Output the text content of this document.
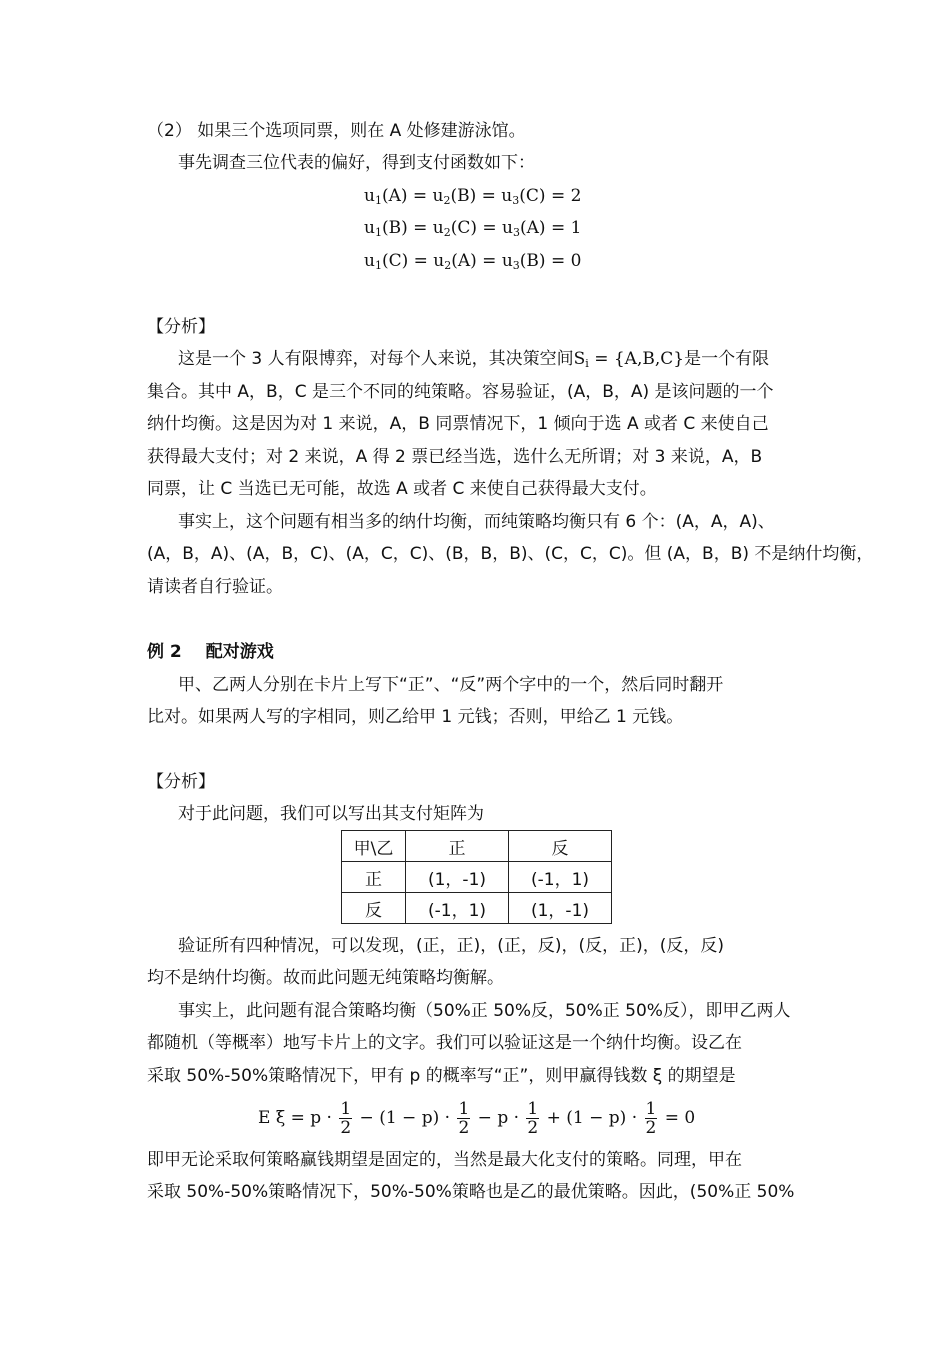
（2） 如果三个选项同票，则在 A 处修建游泳馆。
事先调查三位代表的偏好，得到支付函数如下：
$u_1(A) = u_2(B) = u_3(C) = 2$
$u_1(B) = u_2(C) = u_3(A) = 1$
$u_1(C) = u_2(A) = u_3(B) = 0$
【分析】
这是一个 3 人有限博弈，对每个人来说，其决策空间$S_i = \{A,B,C\}$是一个有限
集合。其中 A，B，C 是三个不同的纯策略。容易验证，(A，B，A) 是该问题的一个
纳什均衡。这是因为对 1 来说，A，B 同票情况下，1 倾向于选 A 或者 C 来使自己
获得最大支付；对 2 来说，A 得 2 票已经当选，选什么无所谓；对 3 来说，A，B
同票，让 C 当选已无可能，故选 A 或者 C 来使自己获得最大支付。
事实上，这个问题有相当多的纳什均衡，而纯策略均衡只有 6 个：(A，A，A)、
(A，B，A)、(A，B，C)、(A，C，C)、(B，B，B)、(C，C，C)。但 (A，B，B) 不是纳什均衡，
请读者自行验证。
例 2 配对游戏
甲、乙两人分别在卡片上写下“正”、“反”两个字中的一个，然后同时翻开
比对。如果两人写的字相同，则乙给甲 1 元钱；否则，甲给乙 1 元钱。
【分析】
对于此问题，我们可以写出其支付矩阵为
甲\乙	正	反
正	(1，-1)	(-1，1)
反	(-1，1)	(1，-1)
验证所有四种情况，可以发现，(正，正)，(正，反)，(反，正)，(反，反)
均不是纳什均衡。故而此问题无纯策略均衡解。
事实上，此问题有混合策略均衡（50%正 50%反，50%正 50%反），即甲乙两人
都随机（等概率）地写卡片上的文字。我们可以验证这是一个纳什均衡。设乙在
采取 50%-50%策略情况下，甲有 p 的概率写“正”，则甲赢得钱数 ξ 的期望是
E $\xi = p \cdot \frac{1}{2} - (1 - p) \cdot \frac{1}{2} - p \cdot \frac{1}{2} + (1 - p) \cdot \frac{1}{2} = 0$
即甲无论采取何策略赢钱期望是固定的，当然是最大化支付的策略。同理，甲在
采取 50%-50%策略情况下，50%-50%策略也是乙的最优策略。因此，(50%正 50%
